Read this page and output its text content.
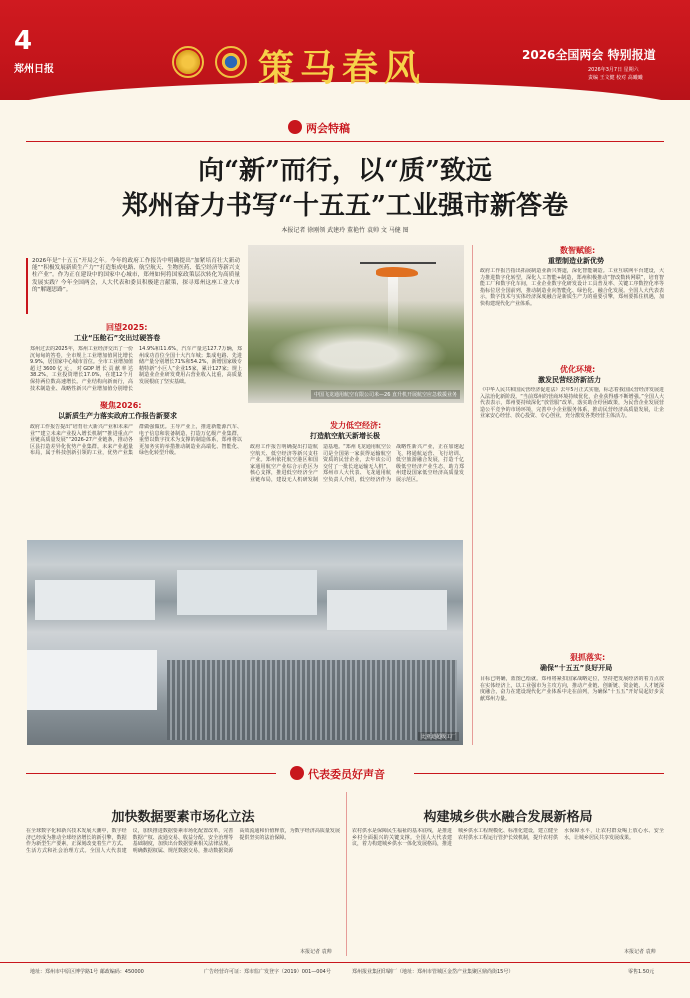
4
郑州日报	策马春风	2026全国两会 特别报道
2026年3月7日 星期六
责编 王文健 校对 高曦曦
两会特稿
向“新”而行，以“质”致远
郑州奋力书写“十五五”工业强市新答卷
本报记者 徐刚领 武建玲 董艳竹 袁帅 文 马健 图

2026年是“十五五”开局之年。今年的政府工作报告中明确提出“加紧培育壮大新动能”“积极发展新质生产力”“打造集成电路、航空航天、生物医药、低空经济等新兴支柱产业”。作为正在建设中的国家中心城市，郑州如何将国家政策层次转化为高质量发展实践？今年全国两会，人大代表和委员积极建言献策，探寻郑州这座工业大市的“解题思路”。

回望2025:
工业“压舱石”交出过硬答卷
郑州过去的2025年，郑州工业经济交出了一份沉甸甸的答卷，全市规上工业增加值同比增长9.9%，居国家中心城市首位。全市工业增加值超过3600亿元，对GDP增长贡献率达38.2%，工业投资增长17.0%，在建12个月保持两位数高速增长。产业结构向新而行，高技术制造业、战略性新兴产业增加值分别增长14.9%和11.6%，汽车产量达127.7万辆，郑州成功首位全国十大汽车城；集成电路、先进储产量分别增长71%和54.2%，新增国家级专精特新“小巨人”企业15家，累计127家；规上制造业企业研发费用占营业收入比重，高质量发展根底了坚实基础。
聚焦2026:
以新质生产力落实政府工作报告新要求
政府工作报告提出“培育壮大新兴产业和未来产业”“建立未来产业投入增长机制”“推进重点产业链高质量发展”“2026-27产业链条，推动各区县打造差异化优势产业集群。未来产业超量布局，属于科技创新引领的工业，优势产业集群做强做优。主导产业上，推进新能源汽车、电子信息和装备制造，打造万亿级产业集群，重塑以数字技术为支撑的制造体系，郑州将以更加务实的举措推动制造业高端化、智能化、绿色化转型升级。
中国飞龙通用航空有限公司米—26 直升机开展航空应急救援业务
发力低空经济:
打造航空航天新增长极
政府工作报告明确提出打造航空航天、低空经济等新兴支柱产业。郑州依托航空港区和国家通用航空产业综合示范区为核心支撑，推进低空经济全产业链布局，建设无人机研发制造基地。“郑州飞龙通用航空公司是全国第一家获得运输航空资质的民营企业，去年该公司交付了一批长途运输无人机”，郑州市人大代表、飞龙通用航空负责人介绍，低空经济作为战略性新兴产业，正在加速起飞，将通航运营、飞行培训、低空旅游融合发展，打造千亿级低空经济产业生态，助力郑州建设国家低空经济高质量发展示范区。
比亚迪超级工厂
数智赋能:
重塑制造业新优势
政府工作报告指出拓展制造业新兴赛道，深化智能制造。工业互联网平台建设，大力推进数字化转型，深化人工智能+制造，郑州积极推动“智改数转网联”，培育智能工厂和数字化车间，工业企业数字化研发设计工具普及率、关键工序数控化率等指标位居全国前列，推动制造业向智能化、绿色化、融合化发展。全国人大代表表示，数字技术与实体经济深度融合是新质生产力的重要引擎，郑州要抓住机遇，加快构建现代化产业体系。
优化环境:
激发民营经济新活力
《中华人民共和国民营经济促进法》去年5月正式实施，标志着我国民营经济发展进入法治化新阶段。“当前郑州的营商环境持续优化，企业获得感不断增强。”全国人大代表表示，郑州要持续深化“放管服”改革，落实助企纾困政策，为民营企业发展营造公平竞争的市场环境，完善中小企业服务体系，推动民营经济高质量发展，让企业家安心经营、放心投资、专心创业，充分激发各类经营主体活力。
狠抓落实:
确保“十五五”良好开局
目标已明确，蓝图已绘就。郑州将紧扣国家战略定位，坚持把发展经济的着力点放在实体经济上，以工业强市为主攻方向，推动产业链、创新链、资金链、人才链深度融合，奋力在建设现代化产业体系中走在前列，为确保“十五五”开好局起好步贡献郑州力量。
代表委员好声音
加快数据要素市场化立法
在全球数字化和新兴技术发展大潮中，数字经济已经成为推动全球经济增长的新引擎，数据作为新型生产要素，正深刻改变着生产方式、生活方式和社会治理方式。全国人大代表建议，加快推进数据要素市场化配置改革，完善数据产权、流通交易、收益分配、安全治理等基础制度，加快出台数据要素相关法律法规，明确数据权属、规范数据交易，推动数据资源高效流通和价值释放，为数字经济高质量发展提供坚实的法治保障。
本报记者 袁帅
构建城乡供水融合发展新格局
农村供水是保障民生福祉的基本底线，是推进乡村全面振兴的关键支撑。全国人大代表建议，着力构建城乡供水一体化发展格局，推进城乡供水工程规模化、标准化建设，建立健全农村供水工程运行管护长效机制，提升农村供水保障水平，让农村群众喝上放心水、安全水，让城乡居民共享发展成果。
本报记者 袁帅
地址：郑州市中原区博学路1号 邮政编码：450000	广告经营许可证：郑市监广发登字（2019）001—004号	郑州报业集团印刷厂（地址：郑州市管城区金岱产业集聚区鼎尚街15号）	零售1.50元
